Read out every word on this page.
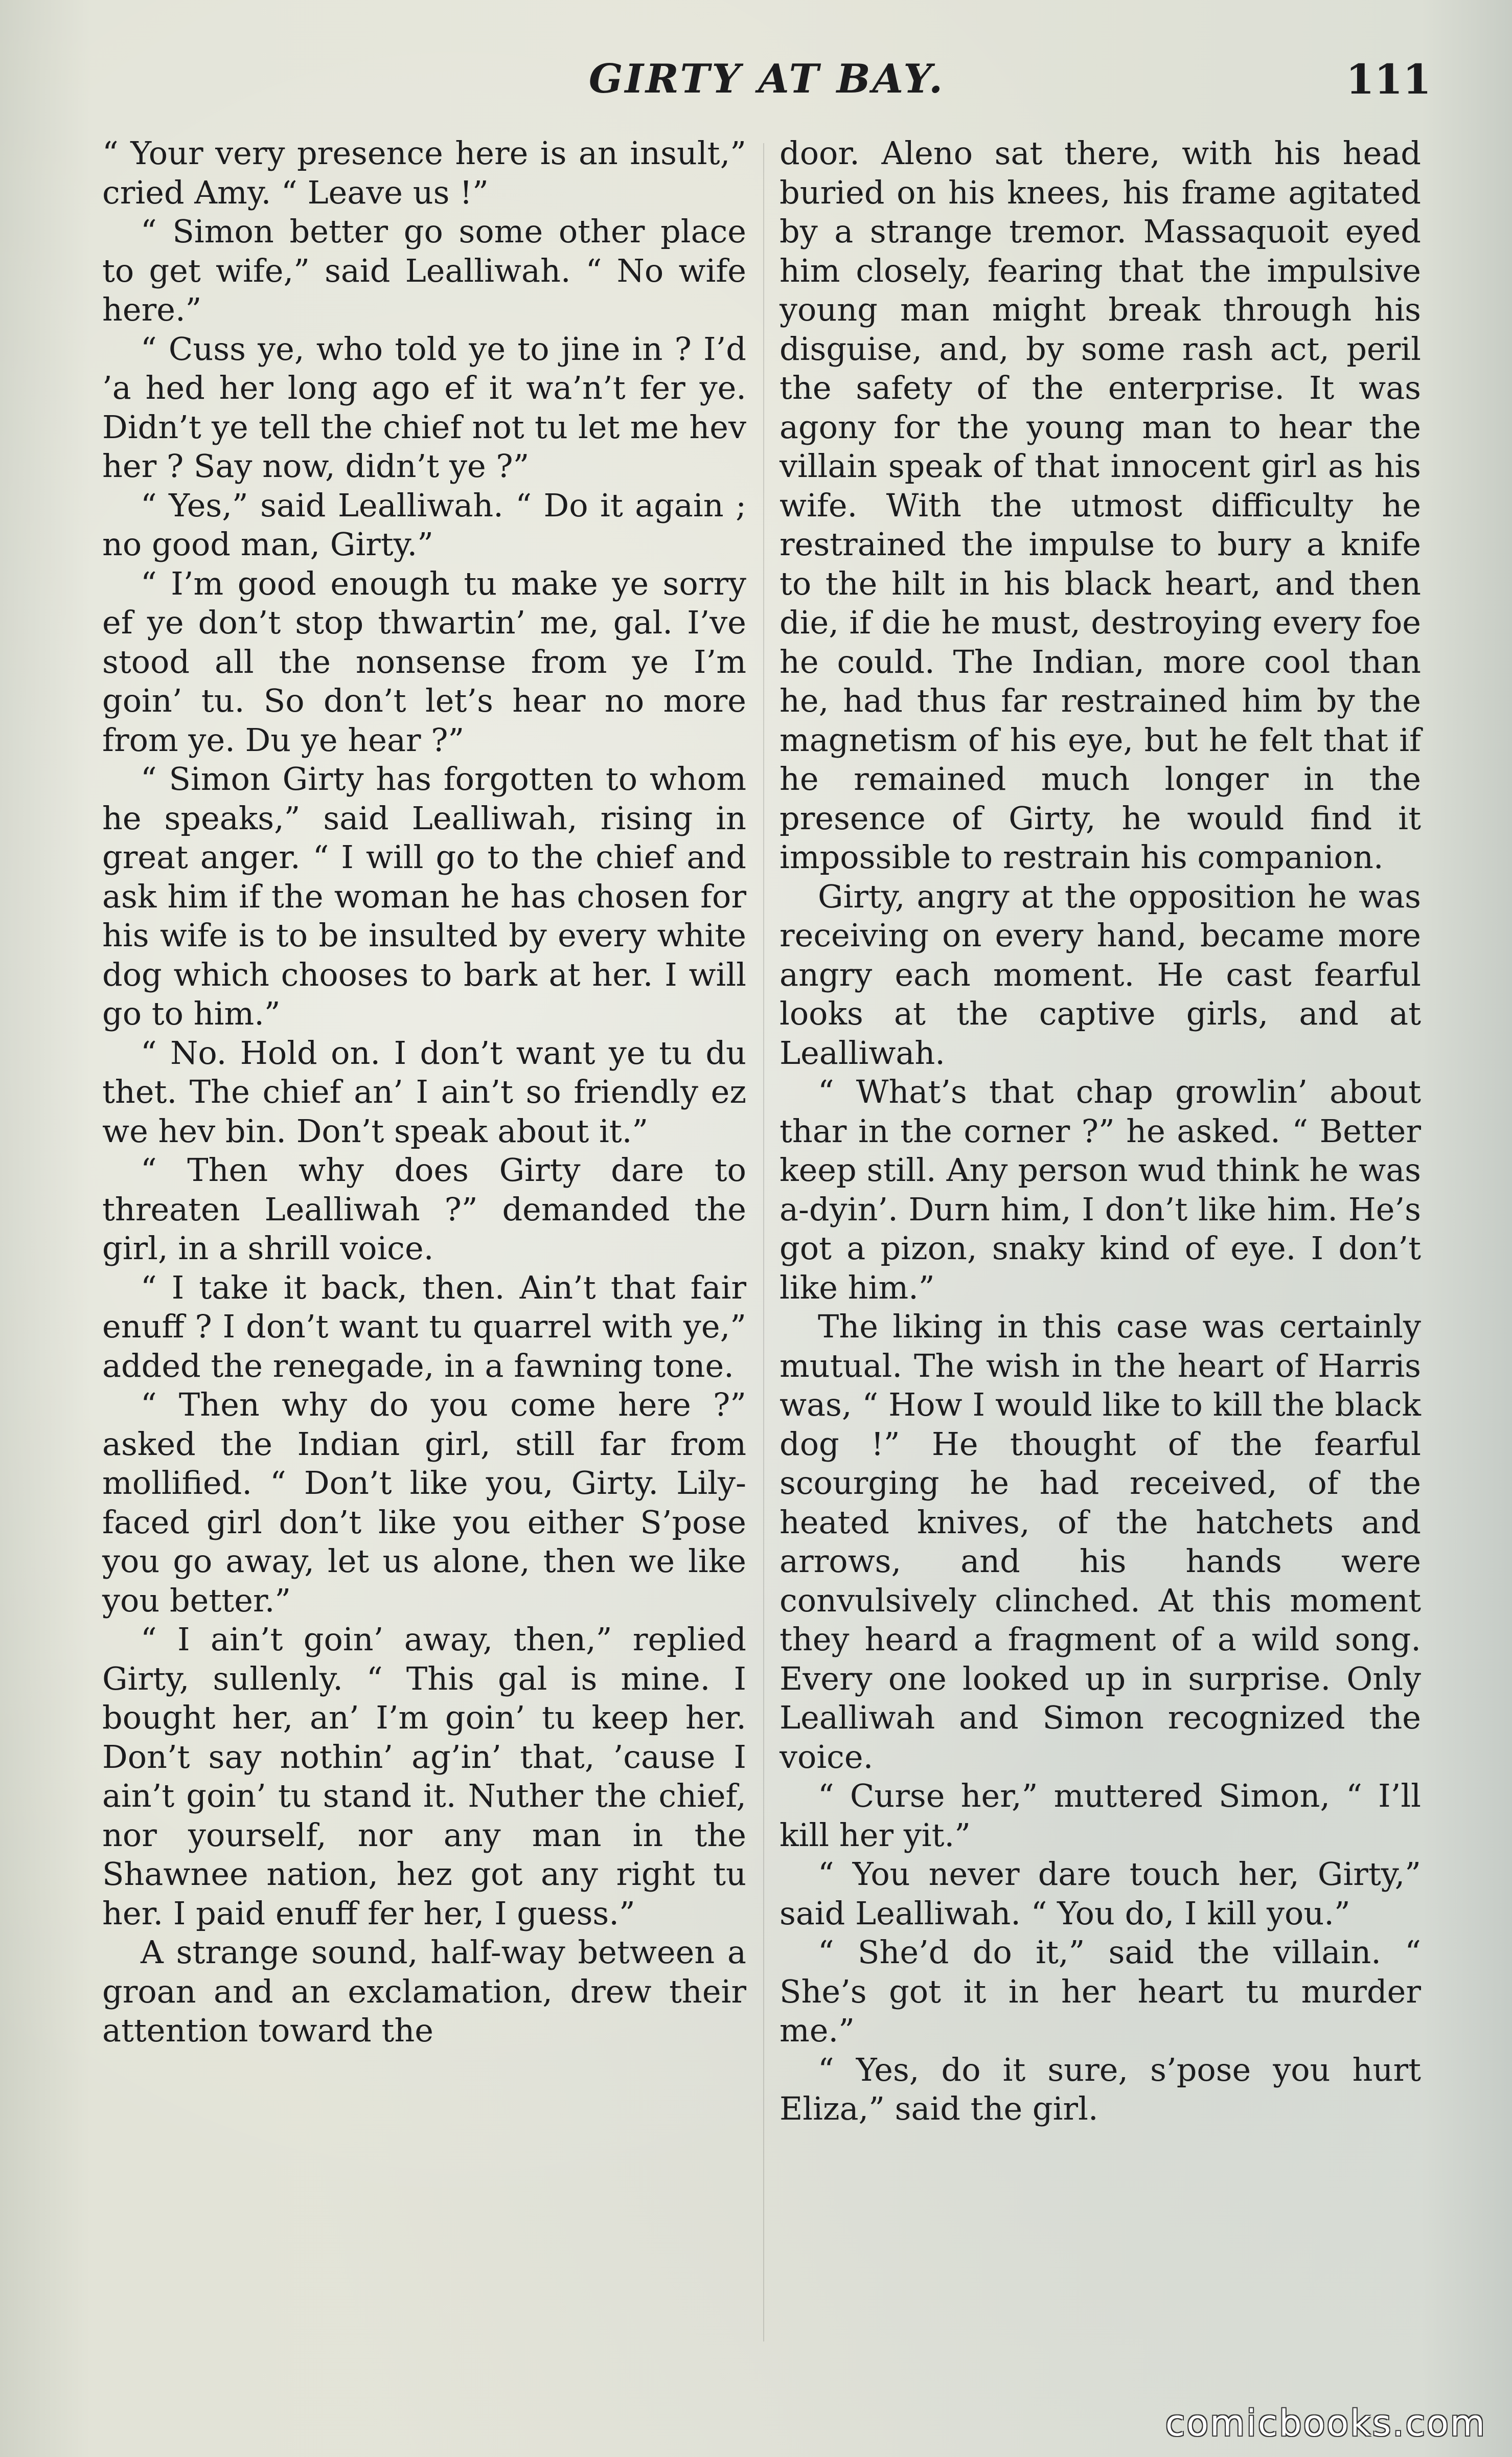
GIRTY AT BAY.	111

“ Your very presence here is an insult,” cried Amy. “ Leave us !”

“ Simon better go some other place to get wife,” said Lealliwah. “ No wife here.”

“ Cuss ye, who told ye to jine in ? I’d ’a hed her long ago ef it wa’n’t fer ye. Didn’t ye tell the chief not tu let me hev her ? Say now, didn’t ye ?”

“ Yes,” said Lealliwah. “ Do it again ; no good man, Girty.”

“ I’m good enough tu make ye sorry ef ye don’t stop thwartin’ me, gal. I’ve stood all the nonsense from ye I’m goin’ tu. So don’t let’s hear no more from ye. Du ye hear ?”

“ Simon Girty has forgotten to whom he speaks,” said Lealliwah, rising in great anger. “ I will go to the chief and ask him if the woman he has chosen for his wife is to be insulted by every white dog which chooses to bark at her. I will go to him.”

“ No. Hold on. I don’t want ye tu du thet. The chief an’ I ain’t so friendly ez we hev bin. Don’t speak about it.”

“ Then why does Girty dare to threaten Lealliwah ?” demanded the girl, in a shrill voice.

“ I take it back, then. Ain’t that fair enuff ? I don’t want tu quarrel with ye,” added the renegade, in a fawning tone.

“ Then why do you come here ?” asked the Indian girl, still far from mollified. “ Don’t like you, Girty. Lily-faced girl don’t like you either S’pose you go away, let us alone, then we like you better.”

“ I ain’t goin’ away, then,” replied Girty, sullenly. “ This gal is mine. I bought her, an’ I’m goin’ tu keep her. Don’t say nothin’ ag’in’ that, ’cause I ain’t goin’ tu stand it. Nuther the chief, nor yourself, nor any man in the Shawnee nation, hez got any right tu her. I paid enuff fer her, I guess.”

A strange sound, half-way between a groan and an exclamation, drew their attention toward the

door. Aleno sat there, with his head buried on his knees, his frame agitated by a strange tremor. Massaquoit eyed him closely, fearing that the impulsive young man might break through his disguise, and, by some rash act, peril the safety of the enterprise. It was agony for the young man to hear the villain speak of that innocent girl as his wife. With the utmost difficulty he restrained the impulse to bury a knife to the hilt in his black heart, and then die, if die he must, destroying every foe he could. The Indian, more cool than he, had thus far restrained him by the magnetism of his eye, but he felt that if he remained much longer in the presence of Girty, he would find it impossible to restrain his companion.

Girty, angry at the opposition he was receiving on every hand, became more angry each moment. He cast fearful looks at the captive girls, and at Lealliwah.

“ What’s that chap growlin’ about thar in the corner ?” he asked. “ Better keep still. Any person wud think he was a-dyin’. Durn him, I don’t like him. He’s got a pizon, snaky kind of eye. I don’t like him.”

The liking in this case was certainly mutual. The wish in the heart of Harris was, “ How I would like to kill the black dog !” He thought of the fearful scourging he had received, of the heated knives, of the hatchets and arrows, and his hands were convulsively clinched. At this moment they heard a fragment of a wild song. Every one looked up in surprise. Only Lealliwah and Simon recognized the voice.

“ Curse her,” muttered Simon, “ I’ll kill her yit.”

“ You never dare touch her, Girty,” said Lealliwah. “ You do, I kill you.”

“ She’d do it,” said the villain. “ She’s got it in her heart tu murder me.”

“ Yes, do it sure, s’pose you hurt Eliza,” said the girl.

comicbooks.com
